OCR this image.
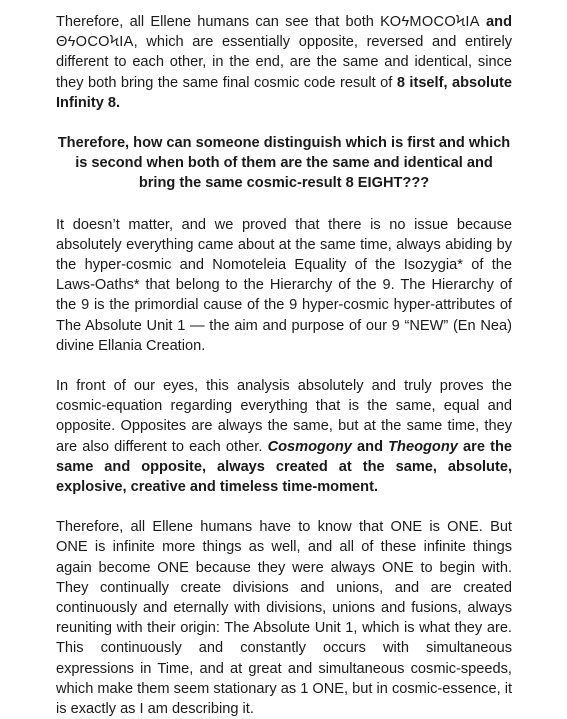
Therefore, all Ellene humans can see that both ΚΟϟΜΟϹΟϞΙΑ and ΘϟΟϹΟϞΙΑ, which are essentially opposite, reversed and entirely different to each other, in the end, are the same and identical, since they both bring the same final cosmic code result of 8 itself, absolute Infinity 8.

Therefore, how can someone distinguish which is first and which is second when both of them are the same and identical and bring the same cosmic-result 8 EIGHT???

It doesn’t matter, and we proved that there is no issue because absolutely everything came about at the same time, always abiding by the hyper-cosmic and Nomoteleia Equality of the Isozygia* of the Laws-Oaths* that belong to the Hierarchy of the 9. The Hierarchy of the 9 is the primordial cause of the 9 hyper-cosmic hyper-attributes of The Absolute Unit 1 — the aim and purpose of our 9 “NEW” (En Nea) divine Ellania Creation.

In front of our eyes, this analysis absolutely and truly proves the cosmic-equation regarding everything that is the same, equal and opposite. Opposites are always the same, but at the same time, they are also different to each other. Cosmogony and Theogony are the same and opposite, always created at the same, absolute, explosive, creative and timeless time-moment.

Therefore, all Ellene humans have to know that ONE is ONE. But ONE is infinite more things as well, and all of these infinite things again become ONE because they were always ONE to begin with. They continually create divisions and unions, and are created continuously and eternally with divisions, unions and fusions, always reuniting with their origin: The Absolute Unit 1, which is what they are. This continuously and constantly occurs with simultaneous expressions in Time, and at great and simultaneous cosmic-speeds, which make them seem stationary as 1 ONE, but in cosmic-essence, it is exactly as I am describing it.
